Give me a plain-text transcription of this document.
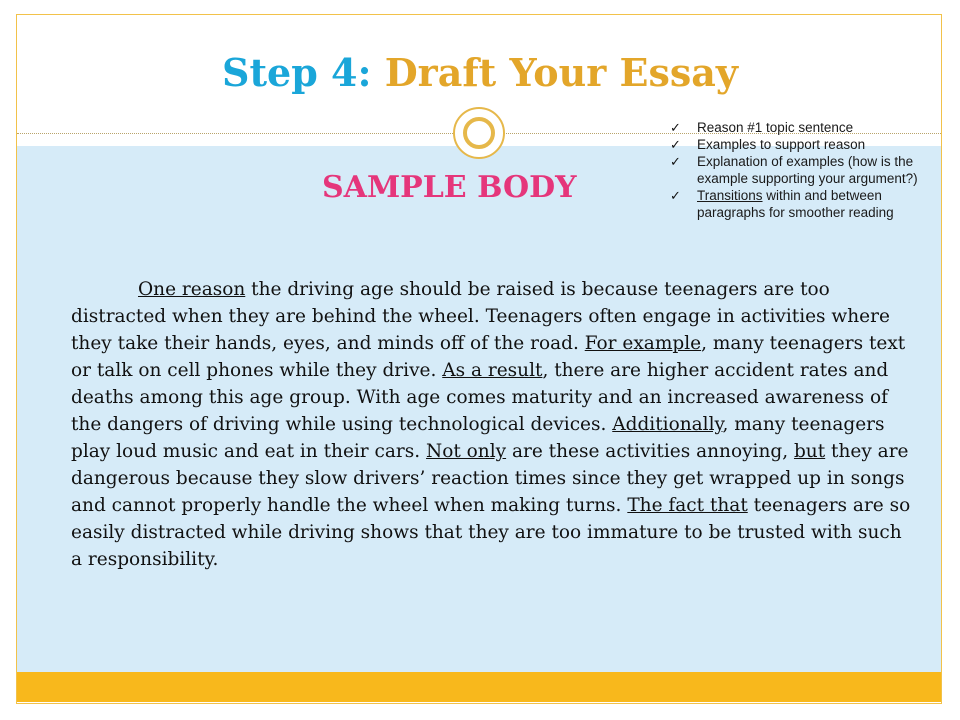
Step 4: Draft Your Essay
SAMPLE BODY
✓ Reason #1 topic sentence
✓ Examples to support reason
✓ Explanation of examples (how is the example supporting your argument?)
✓ Transitions within and between paragraphs for smoother reading

One reason the driving age should be raised is because teenagers are too distracted when they are behind the wheel. Teenagers often engage in activities where they take their hands, eyes, and minds off of the road. For example, many teenagers text or talk on cell phones while they drive. As a result, there are higher accident rates and deaths among this age group. With age comes maturity and an increased awareness of the dangers of driving while using technological devices. Additionally, many teenagers play loud music and eat in their cars. Not only are these activities annoying, but they are dangerous because they slow drivers’ reaction times since they get wrapped up in songs and cannot properly handle the wheel when making turns. The fact that teenagers are so easily distracted while driving shows that they are too immature to be trusted with such a responsibility.
